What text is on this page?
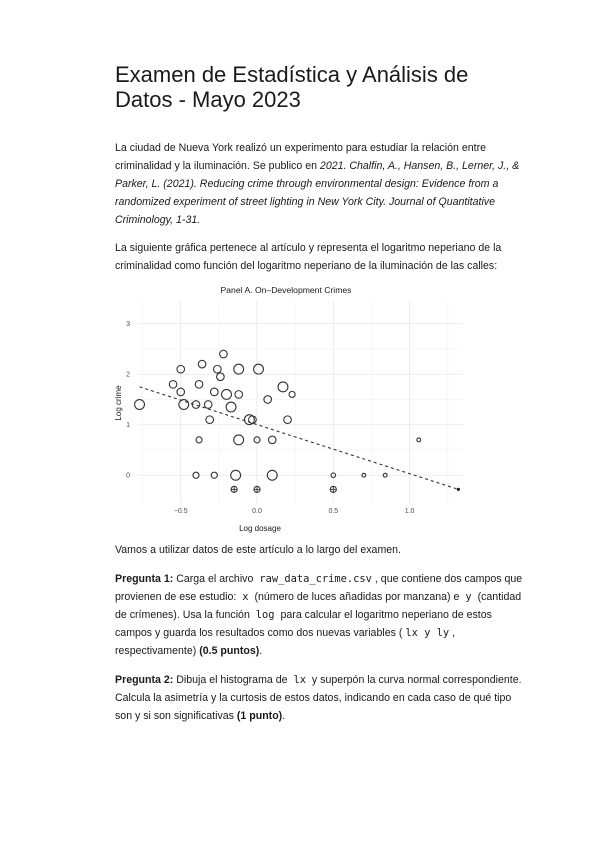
Examen de Estadística y Análisis de Datos - Mayo 2023

La ciudad de Nueva York realizó un experimento para estudiar la relación entre criminalidad y la iluminación. Se publico en 2021. Chalfin, A., Hansen, B., Lerner, J., & Parker, L. (2021). Reducing crime through environmental design: Evidence from a randomized experiment of street lighting in New York City. Journal of Quantitative Criminology, 1-31.

La siguiente gráfica pertenece al artículo y representa el logaritmo neperiano de la criminalidad como función del logaritmo neperiano de la iluminación de las calles:

Panel A. On–Development Crimes
−0.5	0.0	0.5	1.0
0
1
2
3
Log dosage
Log crime

Vamos a utilizar datos de este artículo a lo largo del examen.

Pregunta 1: Carga el archivo raw_data_crime.csv , que contiene dos campos que provienen de ese estudio: x (número de luces añadidas por manzana) e y (cantidad de crímenes). Usa la función log para calcular el logaritmo neperiano de estos campos y guarda los resultados como dos nuevas variables ( lx y ly , respectivamente) (0.5 puntos).

Pregunta 2: Dibuja el histograma de lx y superpón la curva normal correspondiente. Calcula la asimetría y la curtosis de estos datos, indicando en cada caso de qué tipo son y si son significativas (1 punto).
